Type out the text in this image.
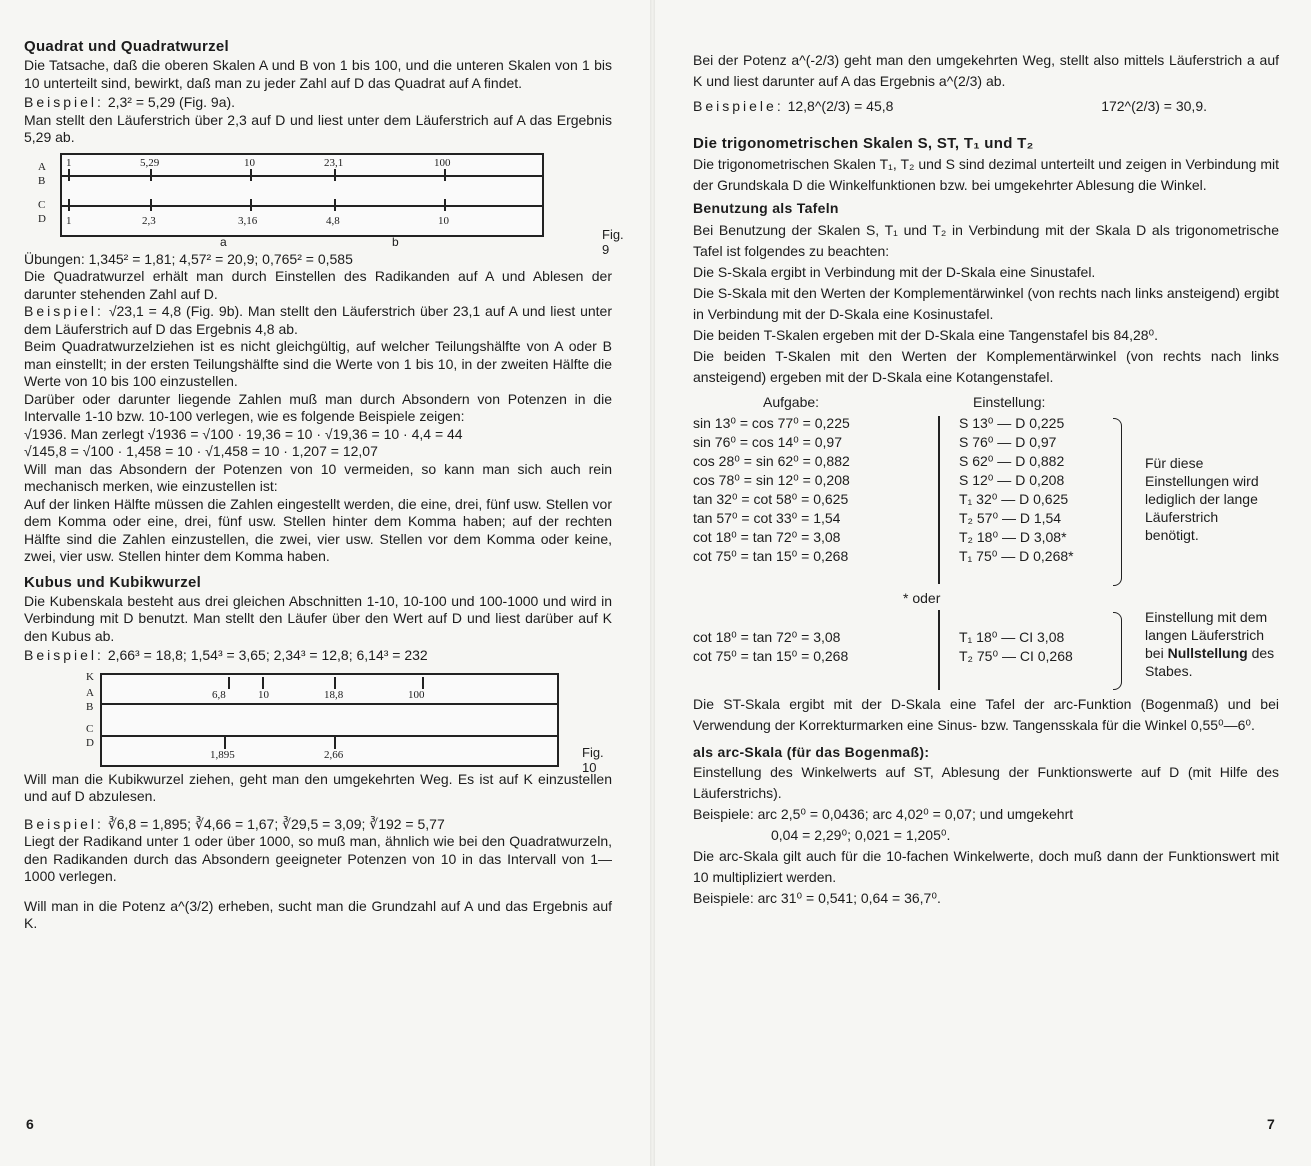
Quadrat und Quadratwurzel

Die Tatsache, daß die oberen Skalen A und B von 1 bis 100, und die unteren Skalen von 1 bis 10 unterteilt sind, bewirkt, daß man zu jeder Zahl auf D das Quadrat auf A findet.

Beispiel: 2,3² = 5,29 (Fig. 9a).

Man stellt den Läuferstrich über 2,3 auf D und liest unter dem Läuferstrich auf A das Ergebnis 5,29 ab.

A
B
C
D
1	5,29	10	23,1	100
1	2,3	3,16	4,8	10
Fig. 9
a	b

Übungen: 1,345² = 1,81; 4,57² = 20,9; 0,765² = 0,585

Die Quadratwurzel erhält man durch Einstellen des Radikanden auf A und Ablesen der darunter stehenden Zahl auf D.

Beispiel: √23,1 = 4,8 (Fig. 9b). Man stellt den Läuferstrich über 23,1 auf A und liest unter dem Läuferstrich auf D das Ergebnis 4,8 ab.

Beim Quadratwurzelziehen ist es nicht gleichgültig, auf welcher Teilungshälfte von A oder B man einstellt; in der ersten Teilungshälfte sind die Werte von 1 bis 10, in der zweiten Hälfte die Werte von 10 bis 100 einzustellen.

Darüber oder darunter liegende Zahlen muß man durch Absondern von Potenzen in die Intervalle 1-10 bzw. 10-100 verlegen, wie es folgende Beispiele zeigen:

√1936. Man zerlegt √1936 = √100 · 19,36 = 10 · √19,36 = 10 · 4,4 = 44

√145,8 = √100 · 1,458 = 10 · √1,458 = 10 · 1,207 = 12,07

Will man das Absondern der Potenzen von 10 vermeiden, so kann man sich auch rein mechanisch merken, wie einzustellen ist:

Auf der linken Hälfte müssen die Zahlen eingestellt werden, die eine, drei, fünf usw. Stellen vor dem Komma oder eine, drei, fünf usw. Stellen hinter dem Komma haben; auf der rechten Hälfte sind die Zahlen einzustellen, die zwei, vier usw. Stellen vor dem Komma oder keine, zwei, vier usw. Stellen hinter dem Komma haben.

Kubus und Kubikwurzel

Die Kubenskala besteht aus drei gleichen Abschnitten 1-10, 10-100 und 100-1000 und wird in Verbindung mit D benutzt. Man stellt den Läufer über den Wert auf D und liest darüber auf K den Kubus ab.

Beispiel: 2,66³ = 18,8; 1,54³ = 3,65; 2,34³ = 12,8; 6,14³ = 232

K
A
B
C
D
6,8	10	18,8	100
1,895	2,66	Fig. 10

Will man die Kubikwurzel ziehen, geht man den umgekehrten Weg. Es ist auf K einzustellen und auf D abzulesen.

Beispiel: ∛6,8 = 1,895; ∛4,66 = 1,67; ∛29,5 = 3,09; ∛192 = 5,77

Liegt der Radikand unter 1 oder über 1000, so muß man, ähnlich wie bei den Quadratwurzeln, den Radikanden durch das Absondern geeigneter Potenzen von 10 in das Intervall von 1—1000 verlegen.

Will man in die Potenz a^(3/2) erheben, sucht man die Grundzahl auf A und das Ergebnis auf K.

6

Bei der Potenz a^(-2/3) geht man den umgekehrten Weg, stellt also mittels Läuferstrich a auf K und liest darunter auf A das Ergebnis a^(2/3) ab.

Beispiele: 12,8^(2/3) = 45,8	172^(2/3) = 30,9.

Die trigonometrischen Skalen S, ST, T₁ und T₂

Die trigonometrischen Skalen T₁, T₂ und S sind dezimal unterteilt und zeigen in Verbindung mit der Grundskala D die Winkelfunktionen bzw. bei umgekehrter Ablesung die Winkel.

Benutzung als Tafeln

Bei Benutzung der Skalen S, T₁ und T₂ in Verbindung mit der Skala D als trigonometrische Tafel ist folgendes zu beachten:

Die S-Skala ergibt in Verbindung mit der D-Skala eine Sinustafel.

Die S-Skala mit den Werten der Komplementärwinkel (von rechts nach links ansteigend) ergibt in Verbindung mit der D-Skala eine Kosinustafel.

Die beiden T-Skalen ergeben mit der D-Skala eine Tangenstafel bis 84,28⁰.

Die beiden T-Skalen mit den Werten der Komplementärwinkel (von rechts nach links ansteigend) ergeben mit der D-Skala eine Kotangenstafel.

Aufgabe:	Einstellung:
sin 13⁰ = cos 77⁰ = 0,225	S 13⁰ — D 0,225
sin 76⁰ = cos 14⁰ = 0,97	S 76⁰ — D 0,97
cos 28⁰ = sin 62⁰ = 0,882	S 62⁰ — D 0,882
cos 78⁰ = sin 12⁰ = 0,208	S 12⁰ — D 0,208
tan 32⁰ = cot 58⁰ = 0,625	T₁ 32⁰ — D 0,625
tan 57⁰ = cot 33⁰ = 1,54	T₂ 57⁰ — D 1,54
cot 18⁰ = tan 72⁰ = 3,08	T₂ 18⁰ — D 3,08*
cot 75⁰ = tan 15⁰ = 0,268	T₁ 75⁰ — D 0,268*
Für diese Einstellungen wird lediglich der lange Läuferstrich benötigt.
* oder
cot 18⁰ = tan 72⁰ = 3,08	T₁ 18⁰ — CI 3,08
cot 75⁰ = tan 15⁰ = 0,268	T₂ 75⁰ — CI 0,268
Einstellung mit dem langen Läuferstrich bei Nullstellung des Stabes.

Die ST-Skala ergibt mit der D-Skala eine Tafel der arc-Funktion (Bogenmaß) und bei Verwendung der Korrekturmarken eine Sinus- bzw. Tangensskala für die Winkel 0,55⁰—6⁰.

als arc-Skala (für das Bogenmaß):

Einstellung des Winkelwerts auf ST, Ablesung der Funktionswerte auf D (mit Hilfe des Läuferstrichs).

Beispiele: arc 2,5⁰ = 0,0436; arc 4,02⁰ = 0,07; und umgekehrt

0,04 = 2,29⁰; 0,021 = 1,205⁰.

Die arc-Skala gilt auch für die 10-fachen Winkelwerte, doch muß dann der Funktionswert mit 10 multipliziert werden.

Beispiele: arc 31⁰ = 0,541; 0,64 = 36,7⁰.

7
